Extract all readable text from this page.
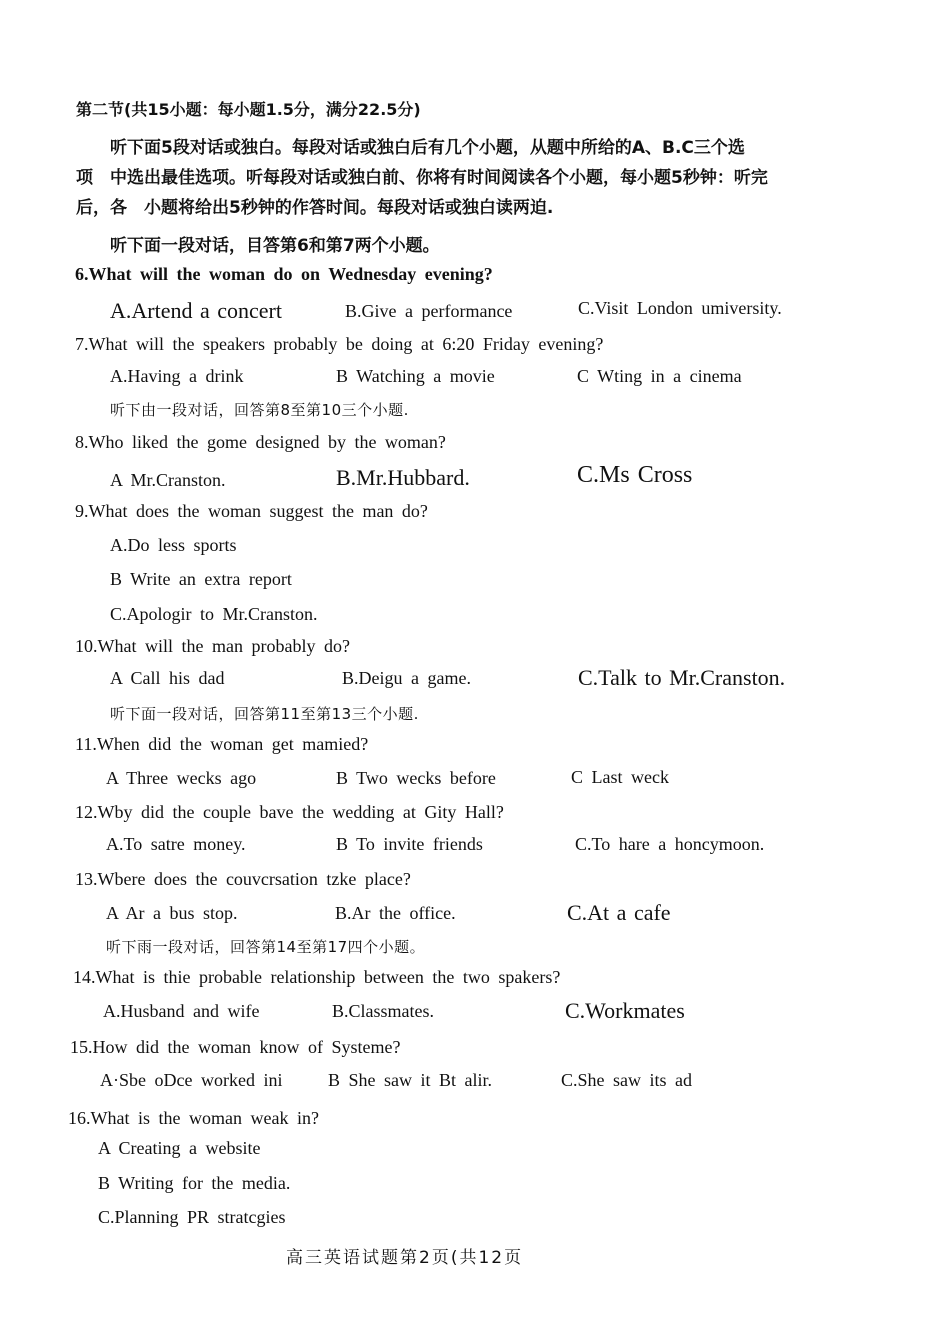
第二节(共15小题：每小题1.5分，满分22.5分)
听下面5段对话或独白。每段对话或独白后有几个小题，从题中所给的A、B.C三个选
项　中选出最佳选项。听每段对话或独白前、你将有时间阅读各个小题，每小题5秒钟：听完
后，各　小题将给出5秒钟的作答时间。每段对话或独白读两迫.
听下面一段对话，目答第6和第7两个小题。
6.What will the woman do on Wednesday evening?
A.Artend a concert	B.Give a performance	C.Visit London umiversity.
7.What will the speakers probably be doing at 6:20 Friday evening?
A.Having a drink	B Watching a movie	C Wting in a cinema
听下由一段对话，回答第8至第10三个小题.
8.Who liked the gome designed by the woman?
A Mr.Cranston.	B.Mr.Hubbard.	C.Ms Cross
9.What does the woman suggest the man do?
A.Do less sports
B Write an extra report
C.Apologir to Mr.Cranston.
10.What will the man probably do?
A Call his dad	B.Deigu a game.	C.Talk to Mr.Cranston.
听下面一段对话，回答第11至第13三个小题.
11.When did the woman get mamied?
A Three wecks ago	B Two wecks before	C Last weck
12.Wby did the couple bave the wedding at Gity Hall?
A.To satre money.	B To invite friends	C.To hare a honcymoon.
13.Wbere does the couvcrsation tzke place?
A Ar a bus stop.	B.Ar the office.	C.At a cafe
听下雨一段对话，回答第14至第17四个小题。
14.What is thie probable relationship between the two spakers?
A.Husband and wife	B.Classmates.	C.Workmates
15.How did the woman know of Systeme?
A·Sbe oDce worked ini	B She saw it Bt alir.	C.She saw its ad
16.What is the woman weak in?
A Creating a website
B Writing for the media.
C.Planning PR stratcgies
高三英语试题第2页(共12页
